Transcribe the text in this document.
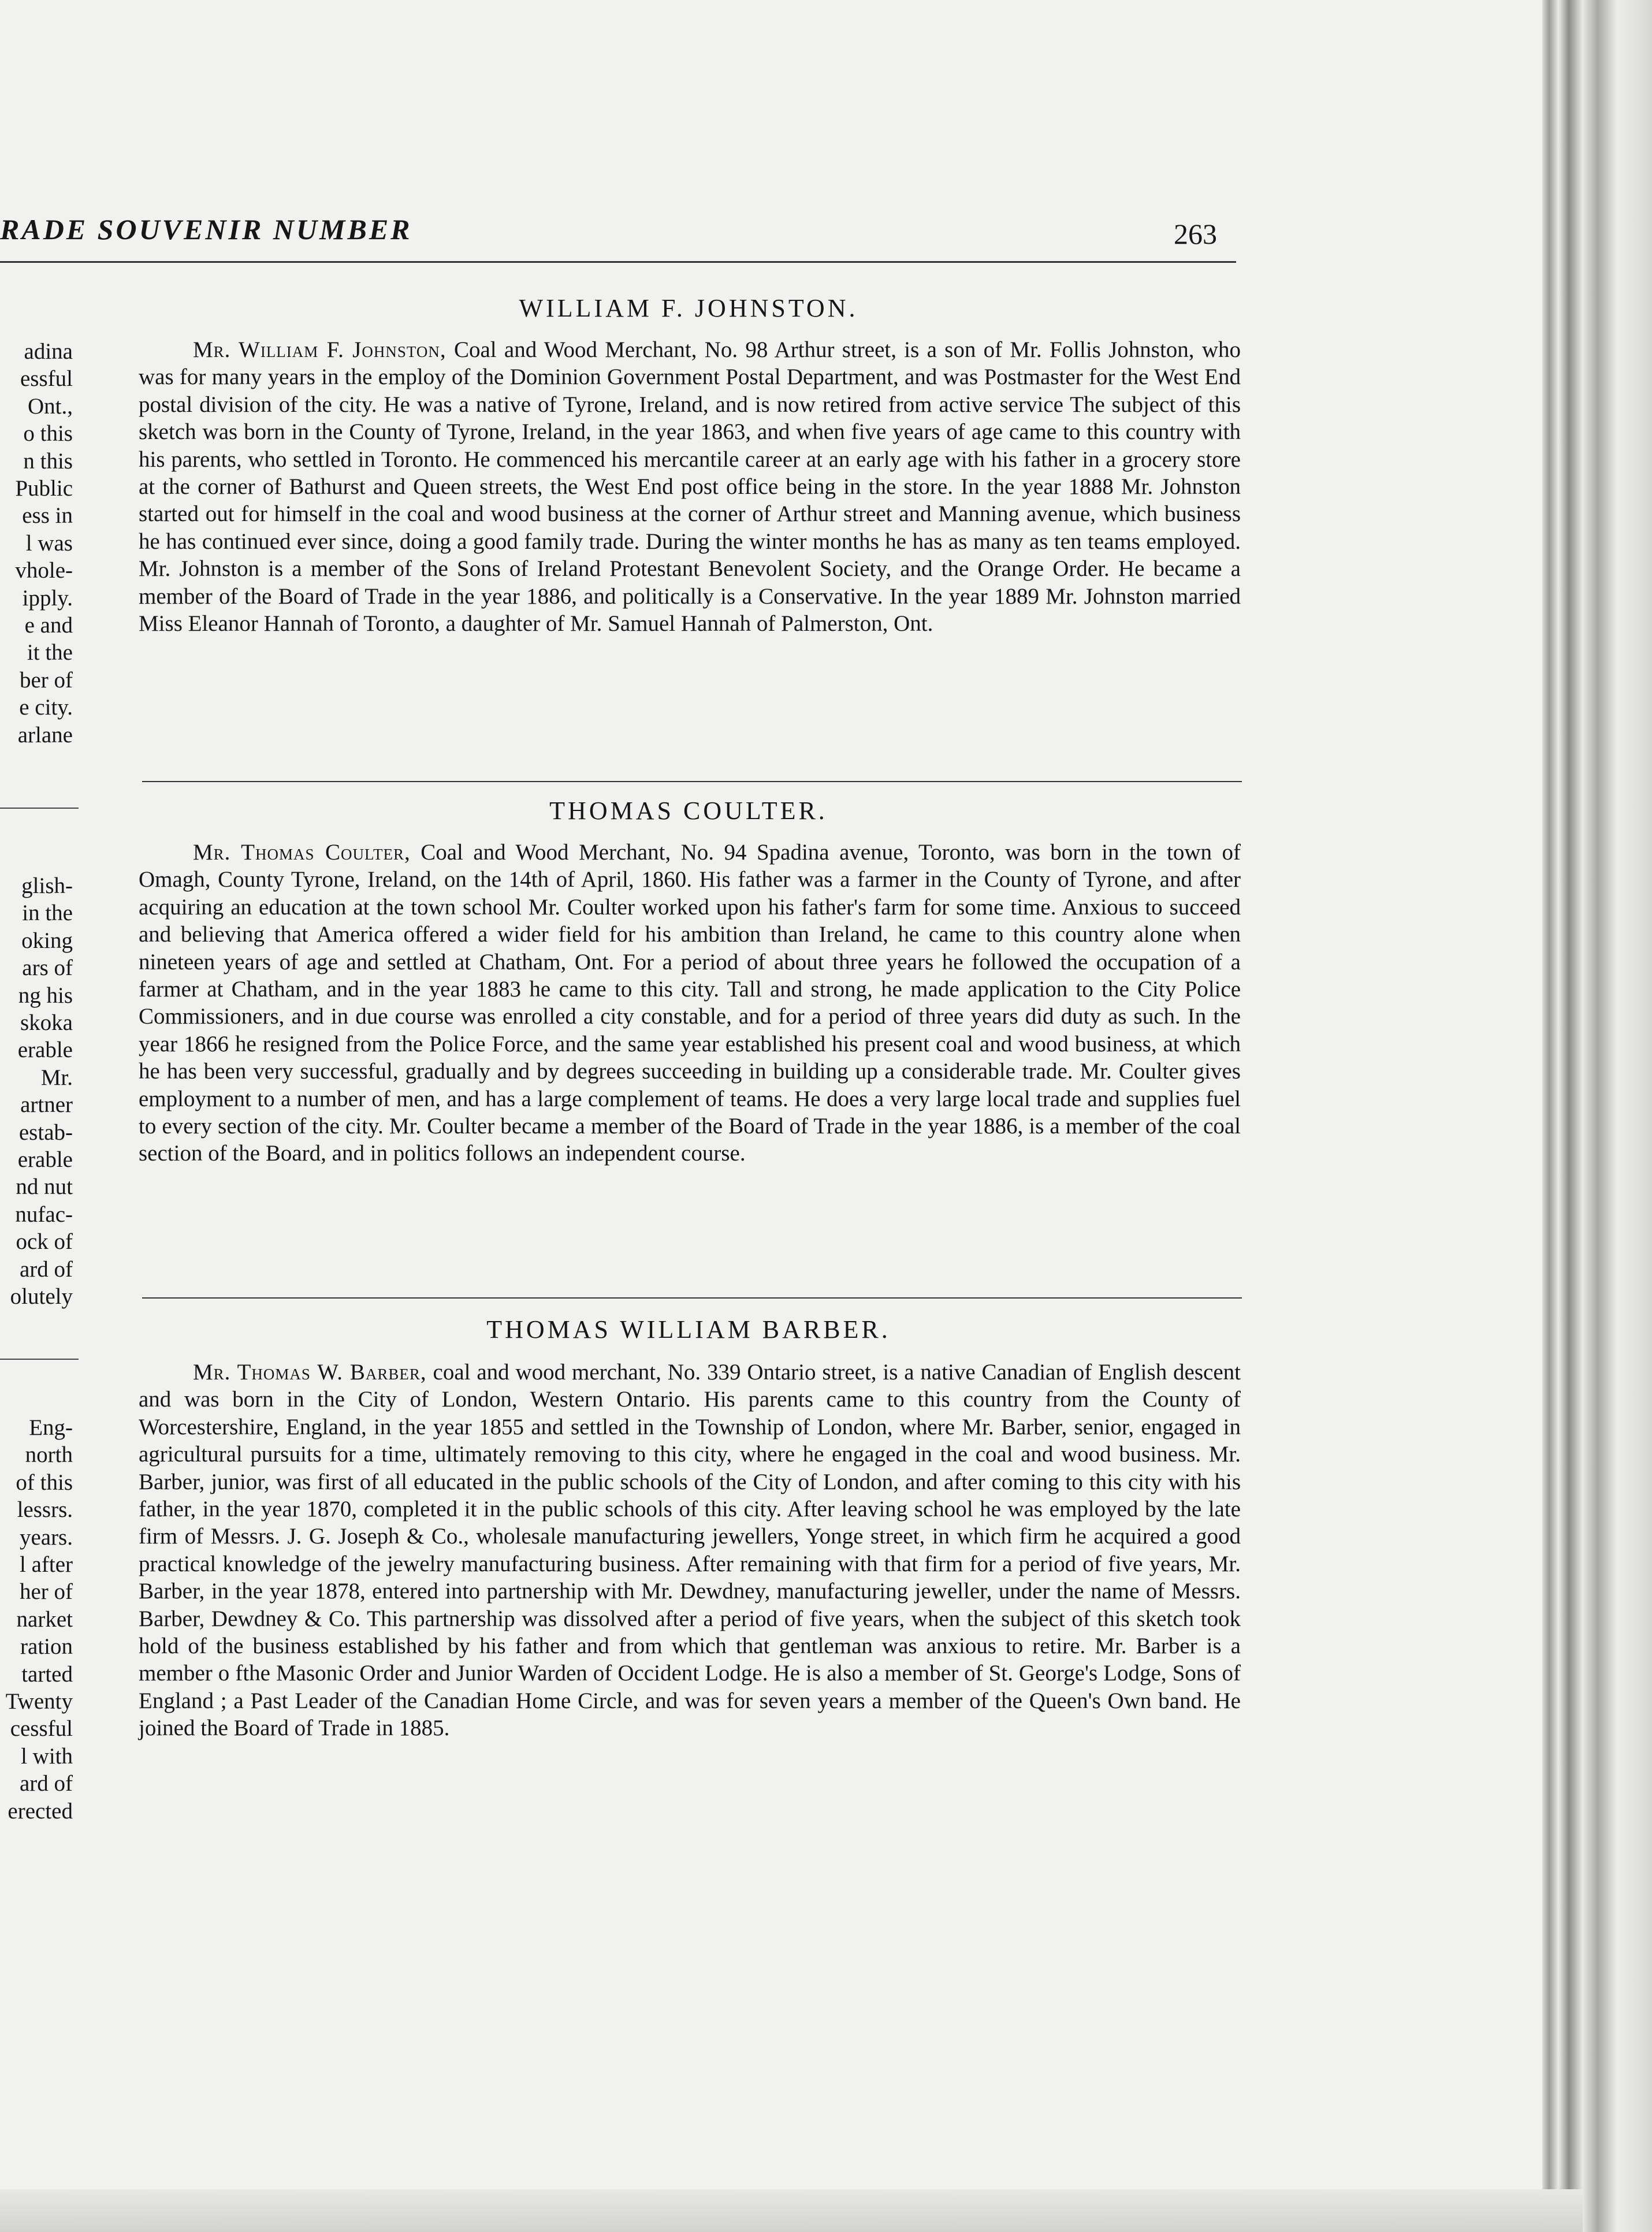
RADE SOUVENIR NUMBER	263
adina
essful
Ont.,
o this
n this
Public
ess in
l was
vhole-
ipply.
e and
it the
ber of
e city.
arlane
glish-
in the
oking
ars of
ng his
skoka
erable
Mr.
artner
estab-
erable
nd nut
nufac-
ock of
ard of
olutely
Eng-
north
of this
lessrs.
years.
l after
her of
narket
ration
tarted
Twenty
cessful
l with
ard of
erected
WILLIAM F. JOHNSTON.
Mr. William F. Johnston, Coal and Wood Merchant, No. 98 Arthur street, is a son of Mr. Follis Johnston, who was for many years in the employ of the Dominion Government Postal Department, and was Postmaster for the West End postal division of the city. He was a native of Tyrone, Ireland, and is now retired from active service The subject of this sketch was born in the County of Tyrone, Ireland, in the year 1863, and when five years of age came to this country with his parents, who settled in Toronto. He commenced his mercantile career at an early age with his father in a grocery store at the corner of Bathurst and Queen streets, the West End post office being in the store. In the year 1888 Mr. Johnston started out for himself in the coal and wood business at the corner of Arthur street and Manning avenue, which business he has continued ever since, doing a good family trade. During the winter months he has as many as ten teams employed. Mr. Johnston is a member of the Sons of Ireland Protestant Benevolent Society, and the Orange Order. He became a member of the Board of Trade in the year 1886, and politically is a Conservative. In the year 1889 Mr. Johnston married Miss Eleanor Hannah of Toronto, a daughter of Mr. Samuel Hannah of Palmerston, Ont.
THOMAS COULTER.
Mr. Thomas Coulter, Coal and Wood Merchant, No. 94 Spadina avenue, Toronto, was born in the town of Omagh, County Tyrone, Ireland, on the 14th of April, 1860. His father was a farmer in the County of Tyrone, and after acquiring an education at the town school Mr. Coulter worked upon his father's farm for some time. Anxious to succeed and believing that America offered a wider field for his ambition than Ireland, he came to this country alone when nineteen years of age and settled at Chatham, Ont. For a period of about three years he followed the occupation of a farmer at Chatham, and in the year 1883 he came to this city. Tall and strong, he made application to the City Police Commissioners, and in due course was enrolled a city constable, and for a period of three years did duty as such. In the year 1866 he resigned from the Police Force, and the same year established his present coal and wood business, at which he has been very successful, gradually and by degrees succeeding in building up a considerable trade. Mr. Coulter gives employment to a number of men, and has a large complement of teams. He does a very large local trade and supplies fuel to every section of the city. Mr. Coulter became a member of the Board of Trade in the year 1886, is a member of the coal section of the Board, and in politics follows an independent course.
THOMAS WILLIAM BARBER.
Mr. Thomas W. Barber, coal and wood merchant, No. 339 Ontario street, is a native Canadian of English descent and was born in the City of London, Western Ontario. His parents came to this country from the County of Worcestershire, England, in the year 1855 and settled in the Township of London, where Mr. Barber, senior, engaged in agricultural pursuits for a time, ultimately removing to this city, where he engaged in the coal and wood business. Mr. Barber, junior, was first of all educated in the public schools of the City of London, and after coming to this city with his father, in the year 1870, completed it in the public schools of this city. After leaving school he was employed by the late firm of Messrs. J. G. Joseph & Co., wholesale manufacturing jewellers, Yonge street, in which firm he acquired a good practical knowledge of the jewelry manufacturing business. After remaining with that firm for a period of five years, Mr. Barber, in the year 1878, entered into partnership with Mr. Dewdney, manufacturing jeweller, under the name of Messrs. Barber, Dewdney & Co. This partnership was dissolved after a period of five years, when the subject of this sketch took hold of the business established by his father and from which that gentleman was anxious to retire. Mr. Barber is a member o fthe Masonic Order and Junior Warden of Occident Lodge. He is also a member of St. George's Lodge, Sons of England ; a Past Leader of the Canadian Home Circle, and was for seven years a member of the Queen's Own band. He joined the Board of Trade in 1885.
